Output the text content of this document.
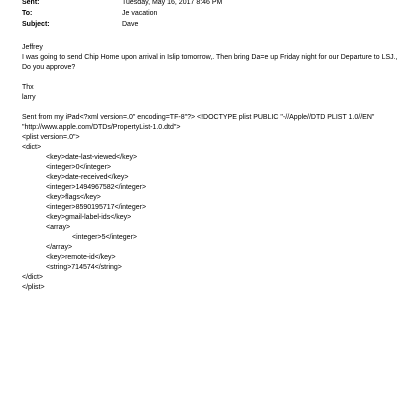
Sent:	Tuesday, May 16, 2017 8:46 PM
To:	Je vacation
Subject:	Dave
Jeffrey
I was going to send Chip Home upon arrival in Islip tomorrow,. Then bring Da=e up Friday night for our Departure to LSJ.,
Do you approve?
Thx
larry
Sent from my iPad<?xml version=.0" encoding=TF-8"?> <!DOCTYPE plist PUBLIC "-//Apple//DTD PLIST 1.0//EN"
"http://www.apple.com/DTDs/PropertyList-1.0.dtd">
<plist version=.0">
<dict>
<key>date-last-viewed</key>
<integer>0</integer>
<key>date-received</key>
<integer>1494967582</integer>
<key>flags</key>
<integer>8590195717</integer>
<key>gmail-label-ids</key>
<array>
<integer>5</integer>
</array>
<key>remote-id</key>
<string>714574</string>
</dict>
</plist>
